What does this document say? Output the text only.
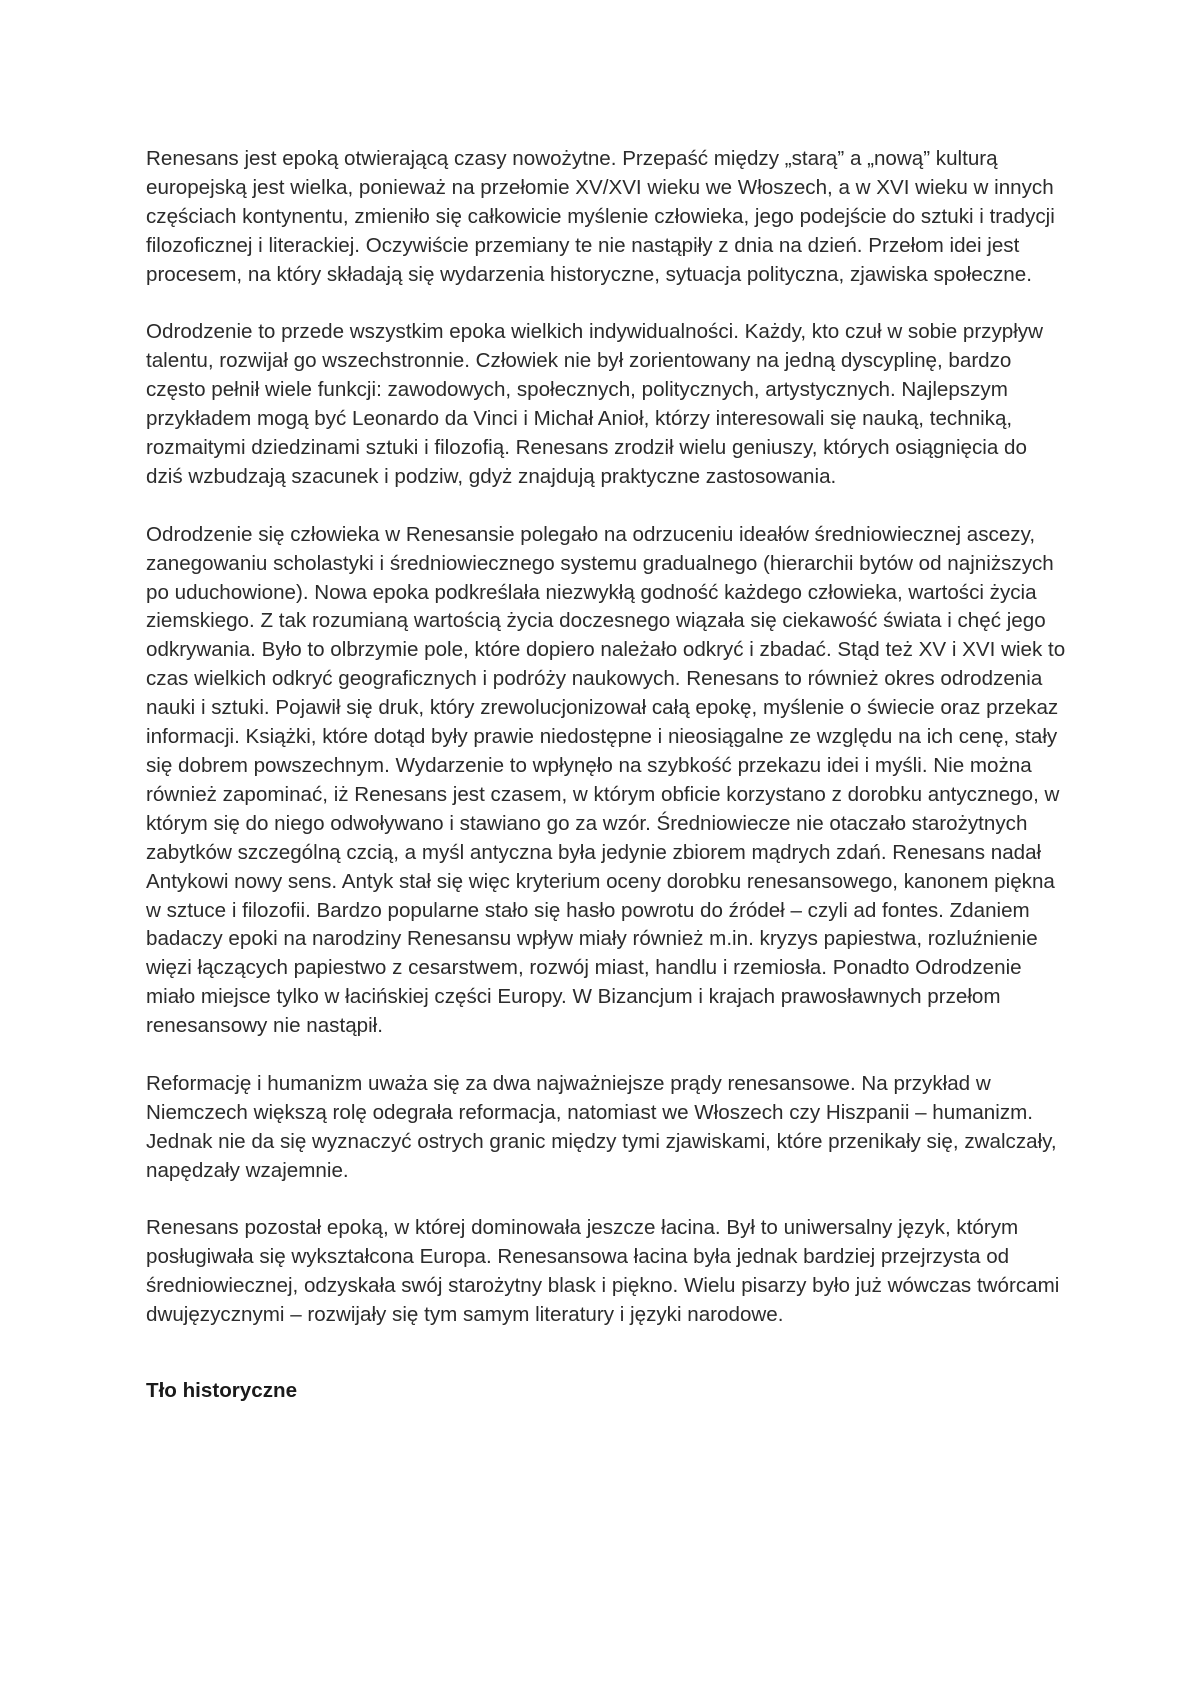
Renesans jest epoką otwierającą czasy nowożytne. Przepaść między „starą” a „nową” kulturą europejską jest wielka, ponieważ na przełomie XV/XVI wieku we Włoszech, a w XVI wieku w innych częściach kontynentu, zmieniło się całkowicie myślenie człowieka, jego podejście do sztuki i tradycji filozoficznej i literackiej. Oczywiście przemiany te nie nastąpiły z dnia na dzień. Przełom idei jest procesem, na który składają się wydarzenia historyczne, sytuacja polityczna, zjawiska społeczne.

Odrodzenie to przede wszystkim epoka wielkich indywidualności. Każdy, kto czuł w sobie przypływ talentu, rozwijał go wszechstronnie. Człowiek nie był zorientowany na jedną dyscyplinę, bardzo często pełnił wiele funkcji: zawodowych, społecznych, politycznych, artystycznych. Najlepszym przykładem mogą być Leonardo da Vinci i Michał Anioł, którzy interesowali się nauką, techniką, rozmaitymi dziedzinami sztuki i filozofią. Renesans zrodził wielu geniuszy, których osiągnięcia do dziś wzbudzają szacunek i podziw, gdyż znajdują praktyczne zastosowania.

Odrodzenie się człowieka w Renesansie polegało na odrzuceniu ideałów średniowiecznej ascezy, zanegowaniu scholastyki i średniowiecznego systemu gradualnego (hierarchii bytów od najniższych po uduchowione). Nowa epoka podkreślała niezwykłą godność każdego człowieka, wartości życia ziemskiego. Z tak rozumianą wartością życia doczesnego wiązała się ciekawość świata i chęć jego odkrywania. Było to olbrzymie pole, które dopiero należało odkryć i zbadać. Stąd też XV i XVI wiek to czas wielkich odkryć geograficznych i podróży naukowych. Renesans to również okres odrodzenia nauki i sztuki. Pojawił się druk, który zrewolucjonizował całą epokę, myślenie o świecie oraz przekaz informacji. Książki, które dotąd były prawie niedostępne i nieosiągalne ze względu na ich cenę, stały się dobrem powszechnym. Wydarzenie to wpłynęło na szybkość przekazu idei i myśli. Nie można również zapominać, iż Renesans jest czasem, w którym obficie korzystano z dorobku antycznego, w którym się do niego odwoływano i stawiano go za wzór. Średniowiecze nie otaczało starożytnych zabytków szczególną czcią, a myśl antyczna była jedynie zbiorem mądrych zdań. Renesans nadał Antykowi nowy sens. Antyk stał się więc kryterium oceny dorobku renesansowego, kanonem piękna w sztuce i filozofii. Bardzo popularne stało się hasło powrotu do źródeł – czyli ad fontes. Zdaniem badaczy epoki na narodziny Renesansu wpływ miały również m.in. kryzys papiestwa, rozluźnienie więzi łączących papiestwo z cesarstwem, rozwój miast, handlu i rzemiosła. Ponadto Odrodzenie miało miejsce tylko w łacińskiej części Europy. W Bizancjum i krajach prawosławnych przełom renesansowy nie nastąpił.

Reformację i humanizm uważa się za dwa najważniejsze prądy renesansowe. Na przykład w Niemczech większą rolę odegrała reformacja, natomiast we Włoszech czy Hiszpanii – humanizm. Jednak nie da się wyznaczyć ostrych granic między tymi zjawiskami, które przenikały się, zwalczały, napędzały wzajemnie.

Renesans pozostał epoką, w której dominowała jeszcze łacina. Był to uniwersalny język, którym posługiwała się wykształcona Europa. Renesansowa łacina była jednak bardziej przejrzysta od średniowiecznej, odzyskała swój starożytny blask i piękno. Wielu pisarzy było już wówczas twórcami dwujęzycznymi – rozwijały się tym samym literatury i języki narodowe.

Tło historyczne
